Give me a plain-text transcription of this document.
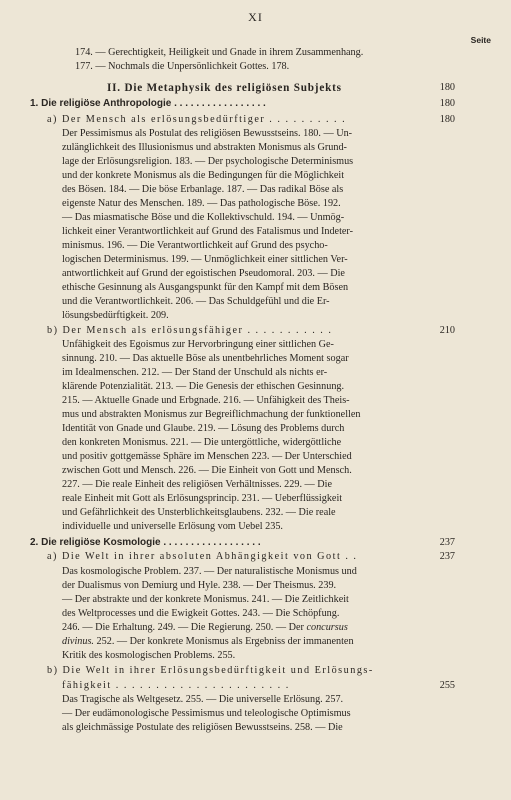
XI
Seite
174. — Gerechtigkeit, Heiligkeit und Gnade in ihrem Zusammenhang.
177. — Nochmals die Unpersönlichkeit Gottes. 178.
II. Die Metaphysik des religiösen Subjekts	180
1. Die religiöse Anthropologie . . . . . . . . . . . . . . . . .	180
a) Der Mensch als erlösungsbedürftiger . . . . . . . . . .	180
Der Pessimismus als Postulat des religiösen Bewusstseins. 180. — Un-
zulänglichkeit des Illusionismus und abstrakten Monismus als Grund-
lage der Erlösungsreligion. 183. — Der psychologische Determinismus
und der konkrete Monismus als die Bedingungen für die Möglichkeit
des Bösen. 184. — Die böse Erbanlage. 187. — Das radikal Böse als
eigenste Natur des Menschen. 189. — Das pathologische Böse. 192.
— Das miasmatische Böse und die Kollektivschuld. 194. — Unmög-
lichkeit einer Verantwortlichkeit auf Grund des Fatalismus und Indeter-
minismus. 196. — Die Verantwortlichkeit auf Grund des psycho-
logischen Determinismus. 199. — Unmöglichkeit einer sittlichen Ver-
antwortlichkeit auf Grund der egoistischen Pseudomoral. 203. — Die
ethische Gesinnung als Ausgangspunkt für den Kampf mit dem Bösen
und die Verantwortlichkeit. 206. — Das Schuldgefühl und die Er-
lösungsbedürftigkeit. 209.
b) Der Mensch als erlösungsfähiger . . . . . . . . . . .	210
Unfähigkeit des Egoismus zur Hervorbringung einer sittlichen Ge-
sinnung. 210. — Das aktuelle Böse als unentbehrliches Moment sogar
im Idealmenschen. 212. — Der Stand der Unschuld als nichts er-
klärende Potenzialität. 213. — Die Genesis der ethischen Gesinnung.
215. — Aktuelle Gnade und Erbgnade. 216. — Unfähigkeit des Theis-
mus und abstrakten Monismus zur Begreiflichmachung der funktionellen
Identität von Gnade und Glaube. 219. — Lösung des Problems durch
den konkreten Monismus. 221. — Die untergöttliche, widergöttliche
und positiv gottgemässe Sphäre im Menschen 223. — Der Unterschied
zwischen Gott und Mensch. 226. — Die Einheit von Gott und Mensch.
227. — Die reale Einheit des religiösen Verhältnisses. 229. — Die
reale Einheit mit Gott als Erlösungsprincip. 231. — Ueberflüssigkeit
und Gefährlichkeit des Unsterblichkeitsglaubens. 232. — Die reale
individuelle und universelle Erlösung vom Uebel 235.
2. Die religiöse Kosmologie . . . . . . . . . . . . . . . . . .	237
a) Die Welt in ihrer absoluten Abhängigkeit von Gott . .	237
Das kosmologische Problem. 237. — Der naturalistische Monismus und
der Dualismus von Demiurg und Hyle. 238. — Der Theismus. 239.
— Der abstrakte und der konkrete Monismus. 241. — Die Zeitlichkeit
des Weltprocesses und die Ewigkeit Gottes. 243. — Die Schöpfung.
246. — Die Erhaltung. 249. — Die Regierung. 250. — Der concursus
divinus. 252. — Der konkrete Monismus als Ergebniss der immanenten
Kritik des kosmologischen Problems. 255.
b) Die Welt in ihrer Erlösungsbedürftigkeit und Erlösungs-
fähigkeit . . . . . . . . . . . . . . . . . . . . . .	255
Das Tragische als Weltgesetz. 255. — Die universelle Erlösung. 257.
— Der eudämonologische Pessimismus und teleologische Optimismus
als gleichmässige Postulate des religiösen Bewusstseins. 258. — Die
